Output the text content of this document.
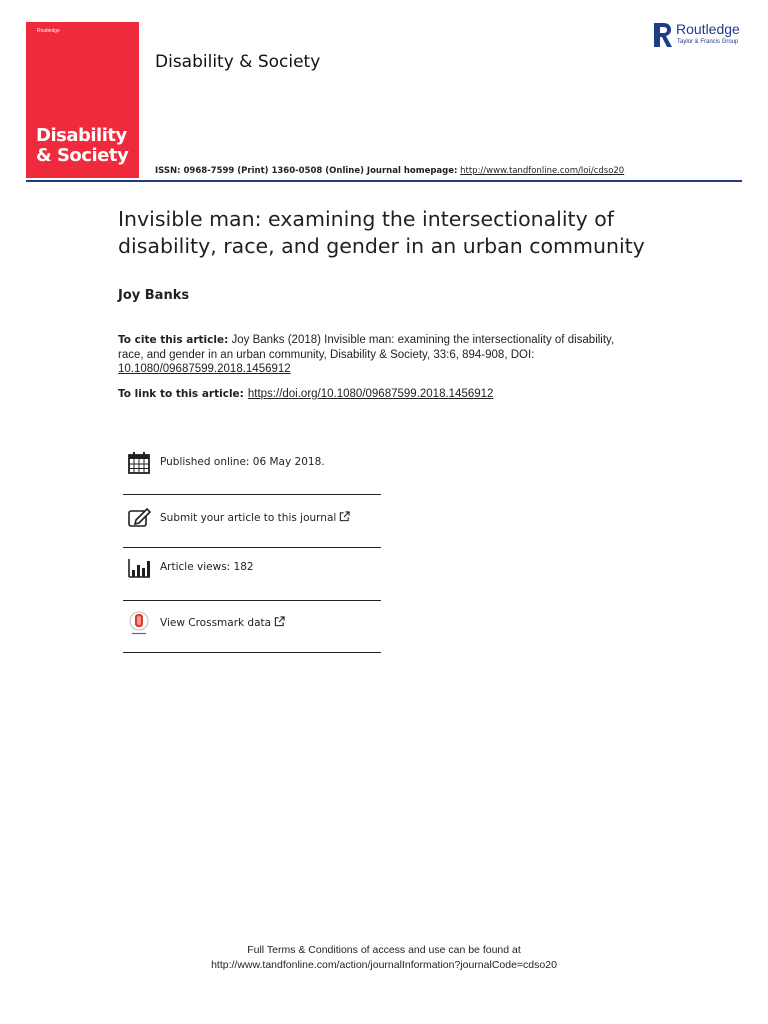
Routledge
Disability
& Society
Disability & Society
Routledge
Taylor & Francis Group
ISSN: 0968-7599 (Print) 1360-0508 (Online) Journal homepage: http://www.tandfonline.com/loi/cdso20
Invisible man: examining the intersectionality of disability, race, and gender in an urban community
Joy Banks
To cite this article: Joy Banks (2018) Invisible man: examining the intersectionality of disability, race, and gender in an urban community, Disability & Society, 33:6, 894-908, DOI: 10.1080/09687599.2018.1456912
To link to this article: https://doi.org/10.1080/09687599.2018.1456912
Published online: 06 May 2018.
Submit your article to this journal
Article views: 182
View Crossmark data
Full Terms & Conditions of access and use can be found at
http://www.tandfonline.com/action/journalInformation?journalCode=cdso20
